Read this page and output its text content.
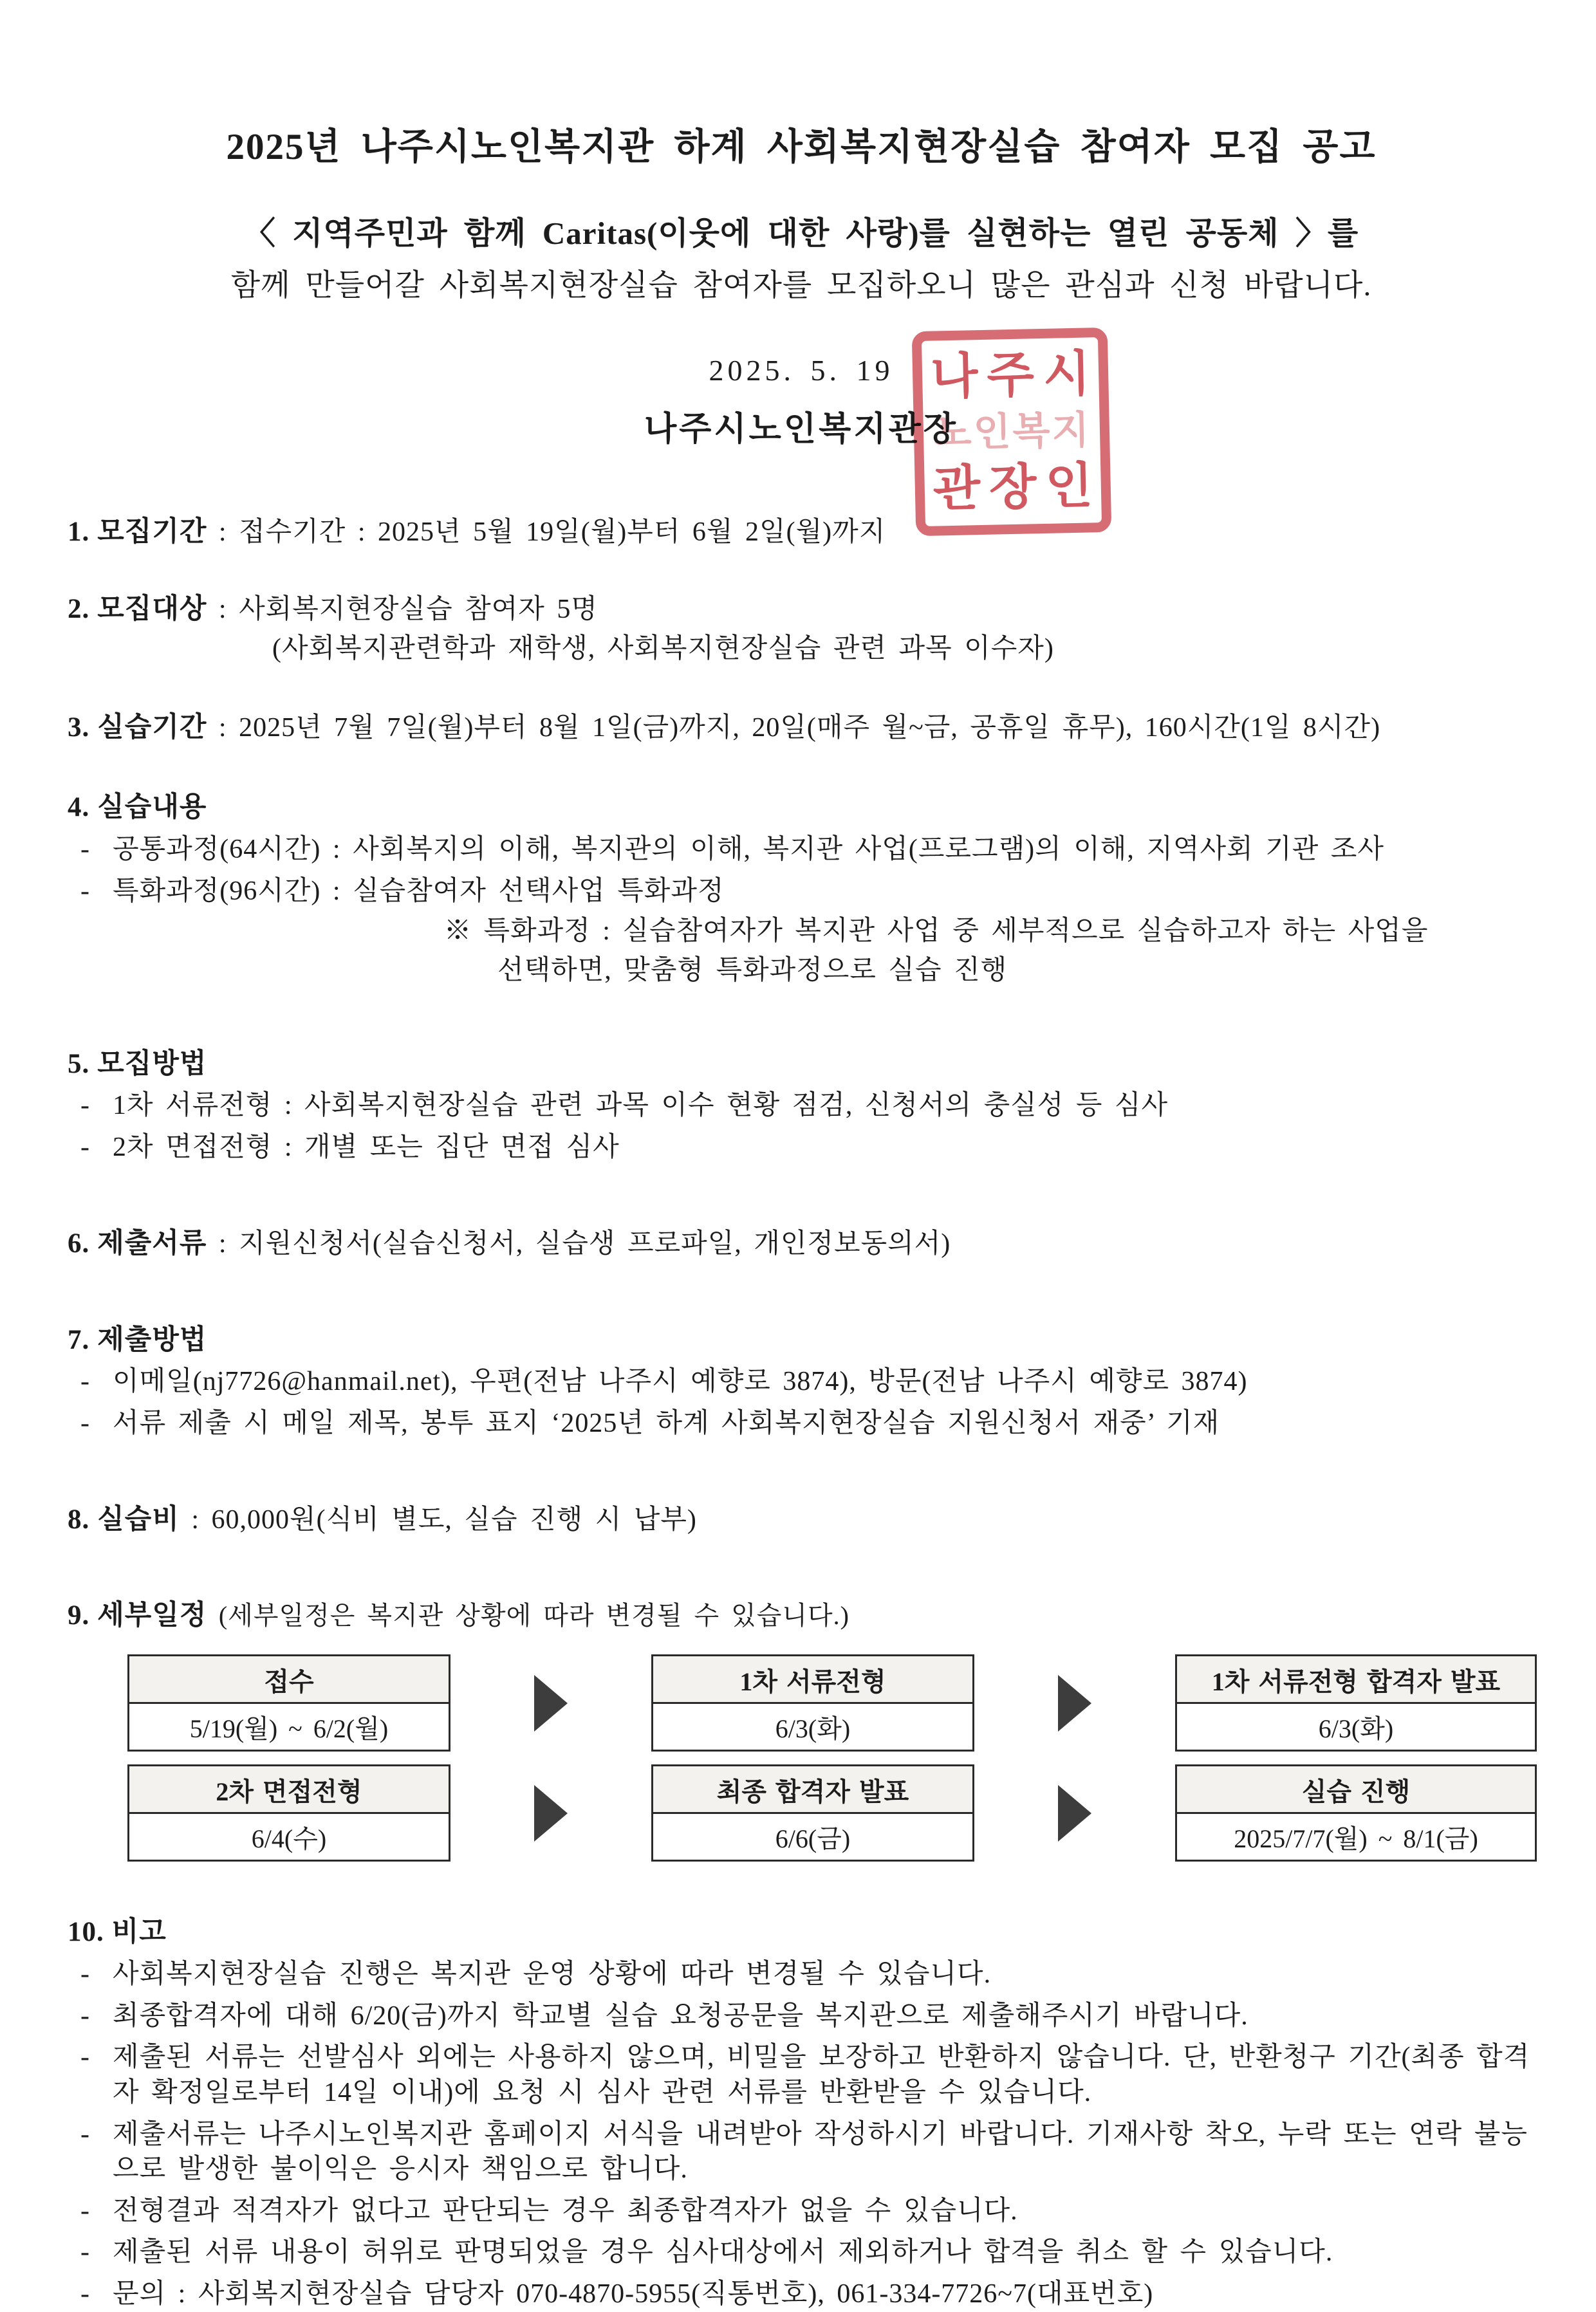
나주시
노인복지
관장인
2025년 나주시노인복지관 하계 사회복지현장실습 참여자 모집 공고
〈 지역주민과 함께 Caritas(이웃에 대한 사랑)를 실현하는 열린 공동체 〉를
함께 만들어갈 사회복지현장실습 참여자를 모집하오니 많은 관심과 신청 바랍니다.
2025. 5. 19
나주시노인복지관장
1. 모집기간 : 접수기간 : 2025년 5월 19일(월)부터 6월 2일(월)까지
2. 모집대상 : 사회복지현장실습 참여자 5명
(사회복지관련학과 재학생, 사회복지현장실습 관련 과목 이수자)
3. 실습기간 : 2025년 7월 7일(월)부터 8월 1일(금)까지, 20일(매주 월~금, 공휴일 휴무), 160시간(1일 8시간)
4. 실습내용
- 공통과정(64시간) : 사회복지의 이해, 복지관의 이해, 복지관 사업(프로그램)의 이해, 지역사회 기관 조사
- 특화과정(96시간) : 실습참여자 선택사업 특화과정
※ 특화과정 : 실습참여자가 복지관 사업 중 세부적으로 실습하고자 하는 사업을
선택하면, 맞춤형 특화과정으로 실습 진행
5. 모집방법
- 1차 서류전형 : 사회복지현장실습 관련 과목 이수 현황 점검, 신청서의 충실성 등 심사
- 2차 면접전형 : 개별 또는 집단 면접 심사
6. 제출서류 : 지원신청서(실습신청서, 실습생 프로파일, 개인정보동의서)
7. 제출방법
- 이메일(nj7726@hanmail.net), 우편(전남 나주시 예향로 3874), 방문(전남 나주시 예향로 3874)
- 서류 제출 시 메일 제목, 봉투 표지 ‘2025년 하계 사회복지현장실습 지원신청서 재중’ 기재
8. 실습비 : 60,000원(식비 별도, 실습 진행 시 납부)
9. 세부일정 (세부일정은 복지관 상황에 따라 변경될 수 있습니다.)
접수
5/19(월) ~ 6/2(월)
1차 서류전형
6/3(화)
1차 서류전형 합격자 발표
6/3(화)
2차 면접전형
6/4(수)
최종 합격자 발표
6/6(금)
실습 진행
2025/7/7(월) ~ 8/1(금)
10. 비고
- 사회복지현장실습 진행은 복지관 운영 상황에 따라 변경될 수 있습니다.
- 최종합격자에 대해 6/20(금)까지 학교별 실습 요청공문을 복지관으로 제출해주시기 바랍니다.
- 제출된 서류는 선발심사 외에는 사용하지 않으며, 비밀을 보장하고 반환하지 않습니다. 단, 반환청구 기간(최종 합격자 확정일로부터 14일 이내)에 요청 시 심사 관련 서류를 반환받을 수 있습니다.
- 제출서류는 나주시노인복지관 홈페이지 서식을 내려받아 작성하시기 바랍니다. 기재사항 착오, 누락 또는 연락 불능으로 발생한 불이익은 응시자 책임으로 합니다.
- 전형결과 적격자가 없다고 판단되는 경우 최종합격자가 없을 수 있습니다.
- 제출된 서류 내용이 허위로 판명되었을 경우 심사대상에서 제외하거나 합격을 취소 할 수 있습니다.
- 문의 : 사회복지현장실습 담당자 070-4870-5955(직통번호), 061-334-7726~7(대표번호)
